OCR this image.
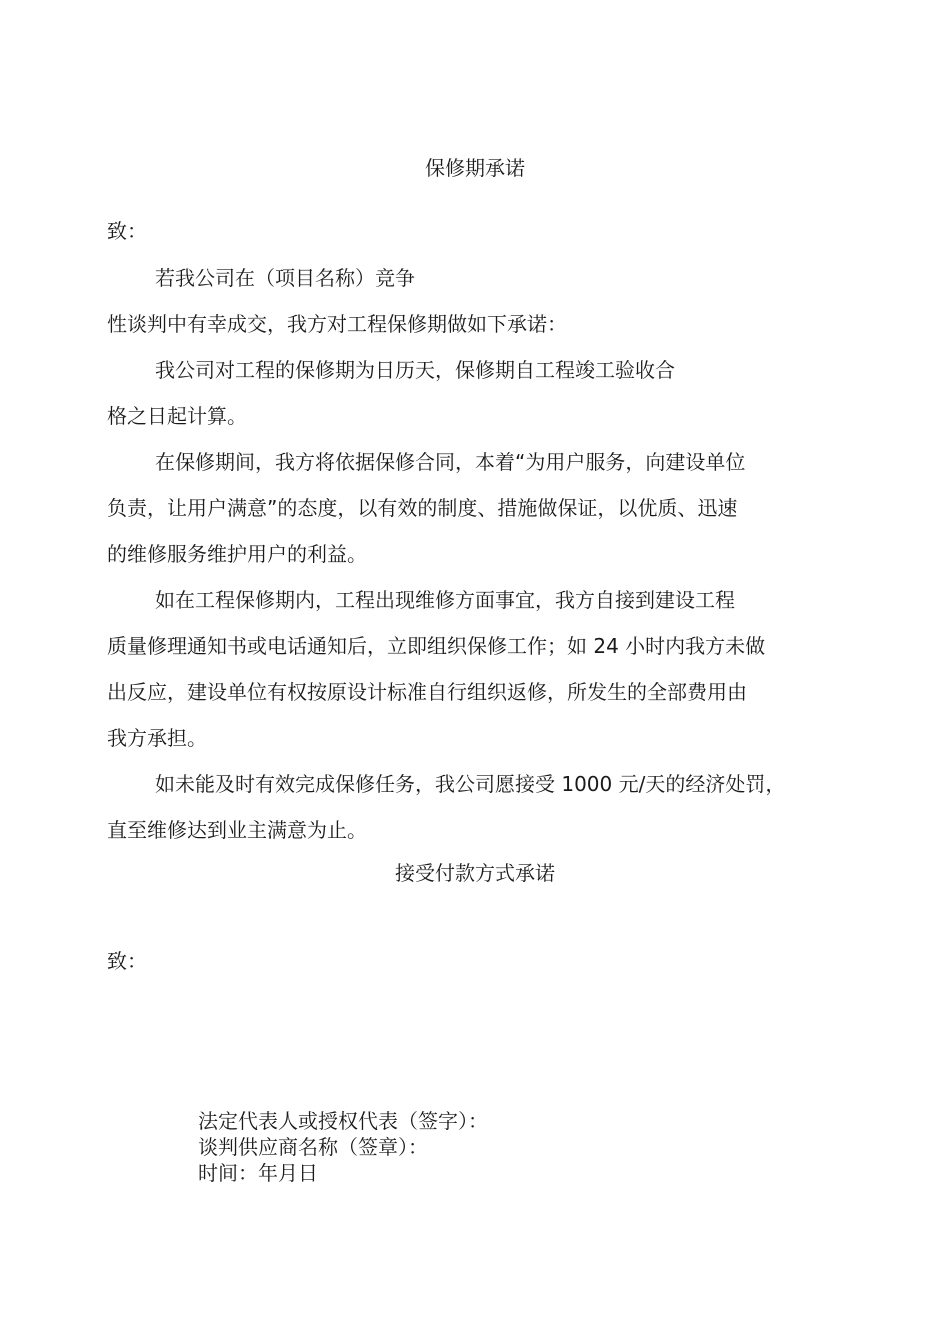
保修期承诺

致：

若我公司在（项目名称）竞争

性谈判中有幸成交，我方对工程保修期做如下承诺：

我公司对工程的保修期为日历天，保修期自工程竣工验收合

格之日起计算。

在保修期间，我方将依据保修合同，本着“为用户服务，向建设单位

负责，让用户满意”的态度，以有效的制度、措施做保证，以优质、迅速

的维修服务维护用户的利益。

如在工程保修期内，工程出现维修方面事宜，我方自接到建设工程

质量修理通知书或电话通知后，立即组织保修工作；如 24 小时内我方未做

出反应，建设单位有权按原设计标准自行组织返修，所发生的全部费用由

我方承担。

如未能及时有效完成保修任务，我公司愿接受 1000 元/天的经济处罚，

直至维修达到业主满意为止。

接受付款方式承诺

致：

法定代表人或授权代表（签字）：

谈判供应商名称（签章）：

时间：年月日
